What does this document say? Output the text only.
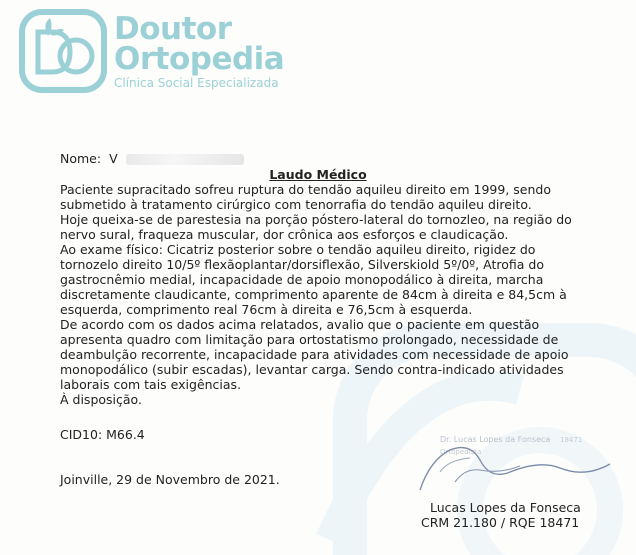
Doutor
Ortopedia
Clínica Social Especializada
Nome: V
Laudo Médico
Paciente supracitado sofreu ruptura do tendão aquileu direito em 1999, sendo
submetido à tratamento cirúrgico com tenorrafia do tendão aquileu direito.
Hoje queixa-se de parestesia na porção póstero-lateral do tornozleo, na região do
nervo sural, fraqueza muscular, dor crônica aos esforços e claudicação.
Ao exame físico: Cicatriz posterior sobre o tendão aquileu direito, rigidez do
tornozelo direito 10/5º flexãoplantar/dorsiflexão, Silverskiold 5º/0º, Atrofia do
gastrocnêmio medial, incapacidade de apoio monopodálico à direita, marcha
discretamente claudicante, comprimento aparente de 84cm à direita e 84,5cm à
esquerda, comprimento real 76cm à direita e 76,5cm à esquerda.
De acordo com os dados acima relatados, avalio que o paciente em questão
apresenta quadro com limitação para ortostatismo prolongado, necessidade de
deambulção recorrente, incapacidade para atividades com necessidade de apoio
monopodálico (subir escadas), levantar carga. Sendo contra-indicado atividades
laborais com tais exigências.
À disposição.
CID10: M66.4
Joinville, 29 de Novembro de 2021.
Dr. Lucas Lopes da Fonseca
Ortopedista
18471
Lucas Lopes da Fonseca
CRM 21.180 / RQE 18471
